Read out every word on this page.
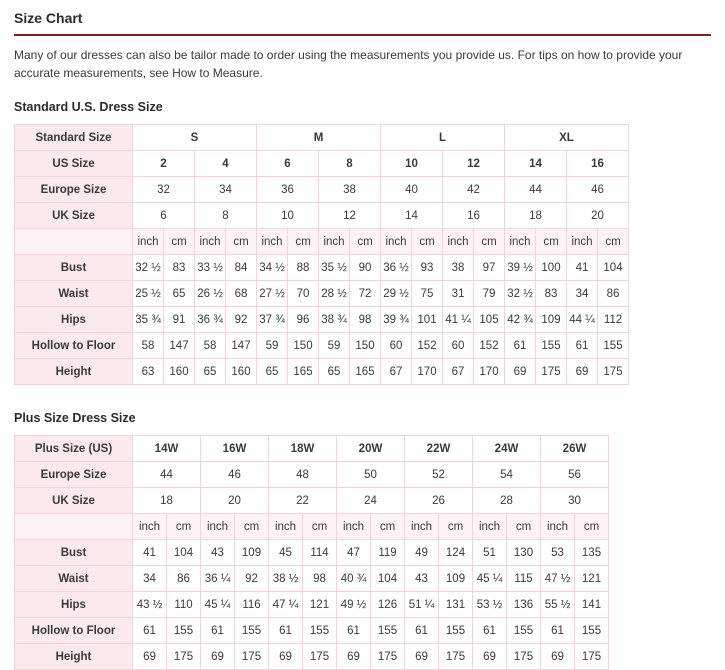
Size Chart
Many of our dresses can also be tailor made to order using the measurements you provide us. For tips on how to provide your accurate measurements, see How to Measure.
Standard U.S. Dress Size
Standard Size	S				M				L				XL			
US Size	2		4		6		8		10		12		14		16	
Europe Size	32		34		36		38		40		42		44		46	
UK Size	6		8		10		12		14		16		18		20	
	inch	cm	inch	cm	inch	cm	inch	cm	inch	cm	inch	cm	inch	cm	inch	cm
Bust	32 ½	83	33 ½	84	34 ½	88	35 ½	90	36 ½	93	38	97	39 ½	100	41	104
Waist	25 ½	65	26 ½	68	27 ½	70	28 ½	72	29 ½	75	31	79	32 ½	83	34	86
Hips	35 ¾	91	36 ¾	92	37 ¾	96	38 ¾	98	39 ¾	101	41 ¼	105	42 ¾	109	44 ¼	112
Hollow to Floor	58	147	58	147	59	150	59	150	60	152	60	152	61	155	61	155
Height	63	160	65	160	65	165	65	165	67	170	67	170	69	175	69	175
Plus Size Dress Size
Plus Size (US)	14W		16W		18W		20W		22W		24W		26W	
Europe Size	44		46		48		50		52		54		56	
UK Size	18		20		22		24		26		28		30	
	inch	cm	inch	cm	inch	cm	inch	cm	inch	cm	inch	cm	inch	cm
Bust	41	104	43	109	45	114	47	119	49	124	51	130	53	135
Waist	34	86	36 ¼	92	38 ½	98	40 ¾	104	43	109	45 ¼	115	47 ½	121
Hips	43 ½	110	45 ¼	116	47 ¼	121	49 ½	126	51 ¼	131	53 ½	136	55 ½	141
Hollow to Floor	61	155	61	155	61	155	61	155	61	155	61	155	61	155
Height	69	175	69	175	69	175	69	175	69	175	69	175	69	175
